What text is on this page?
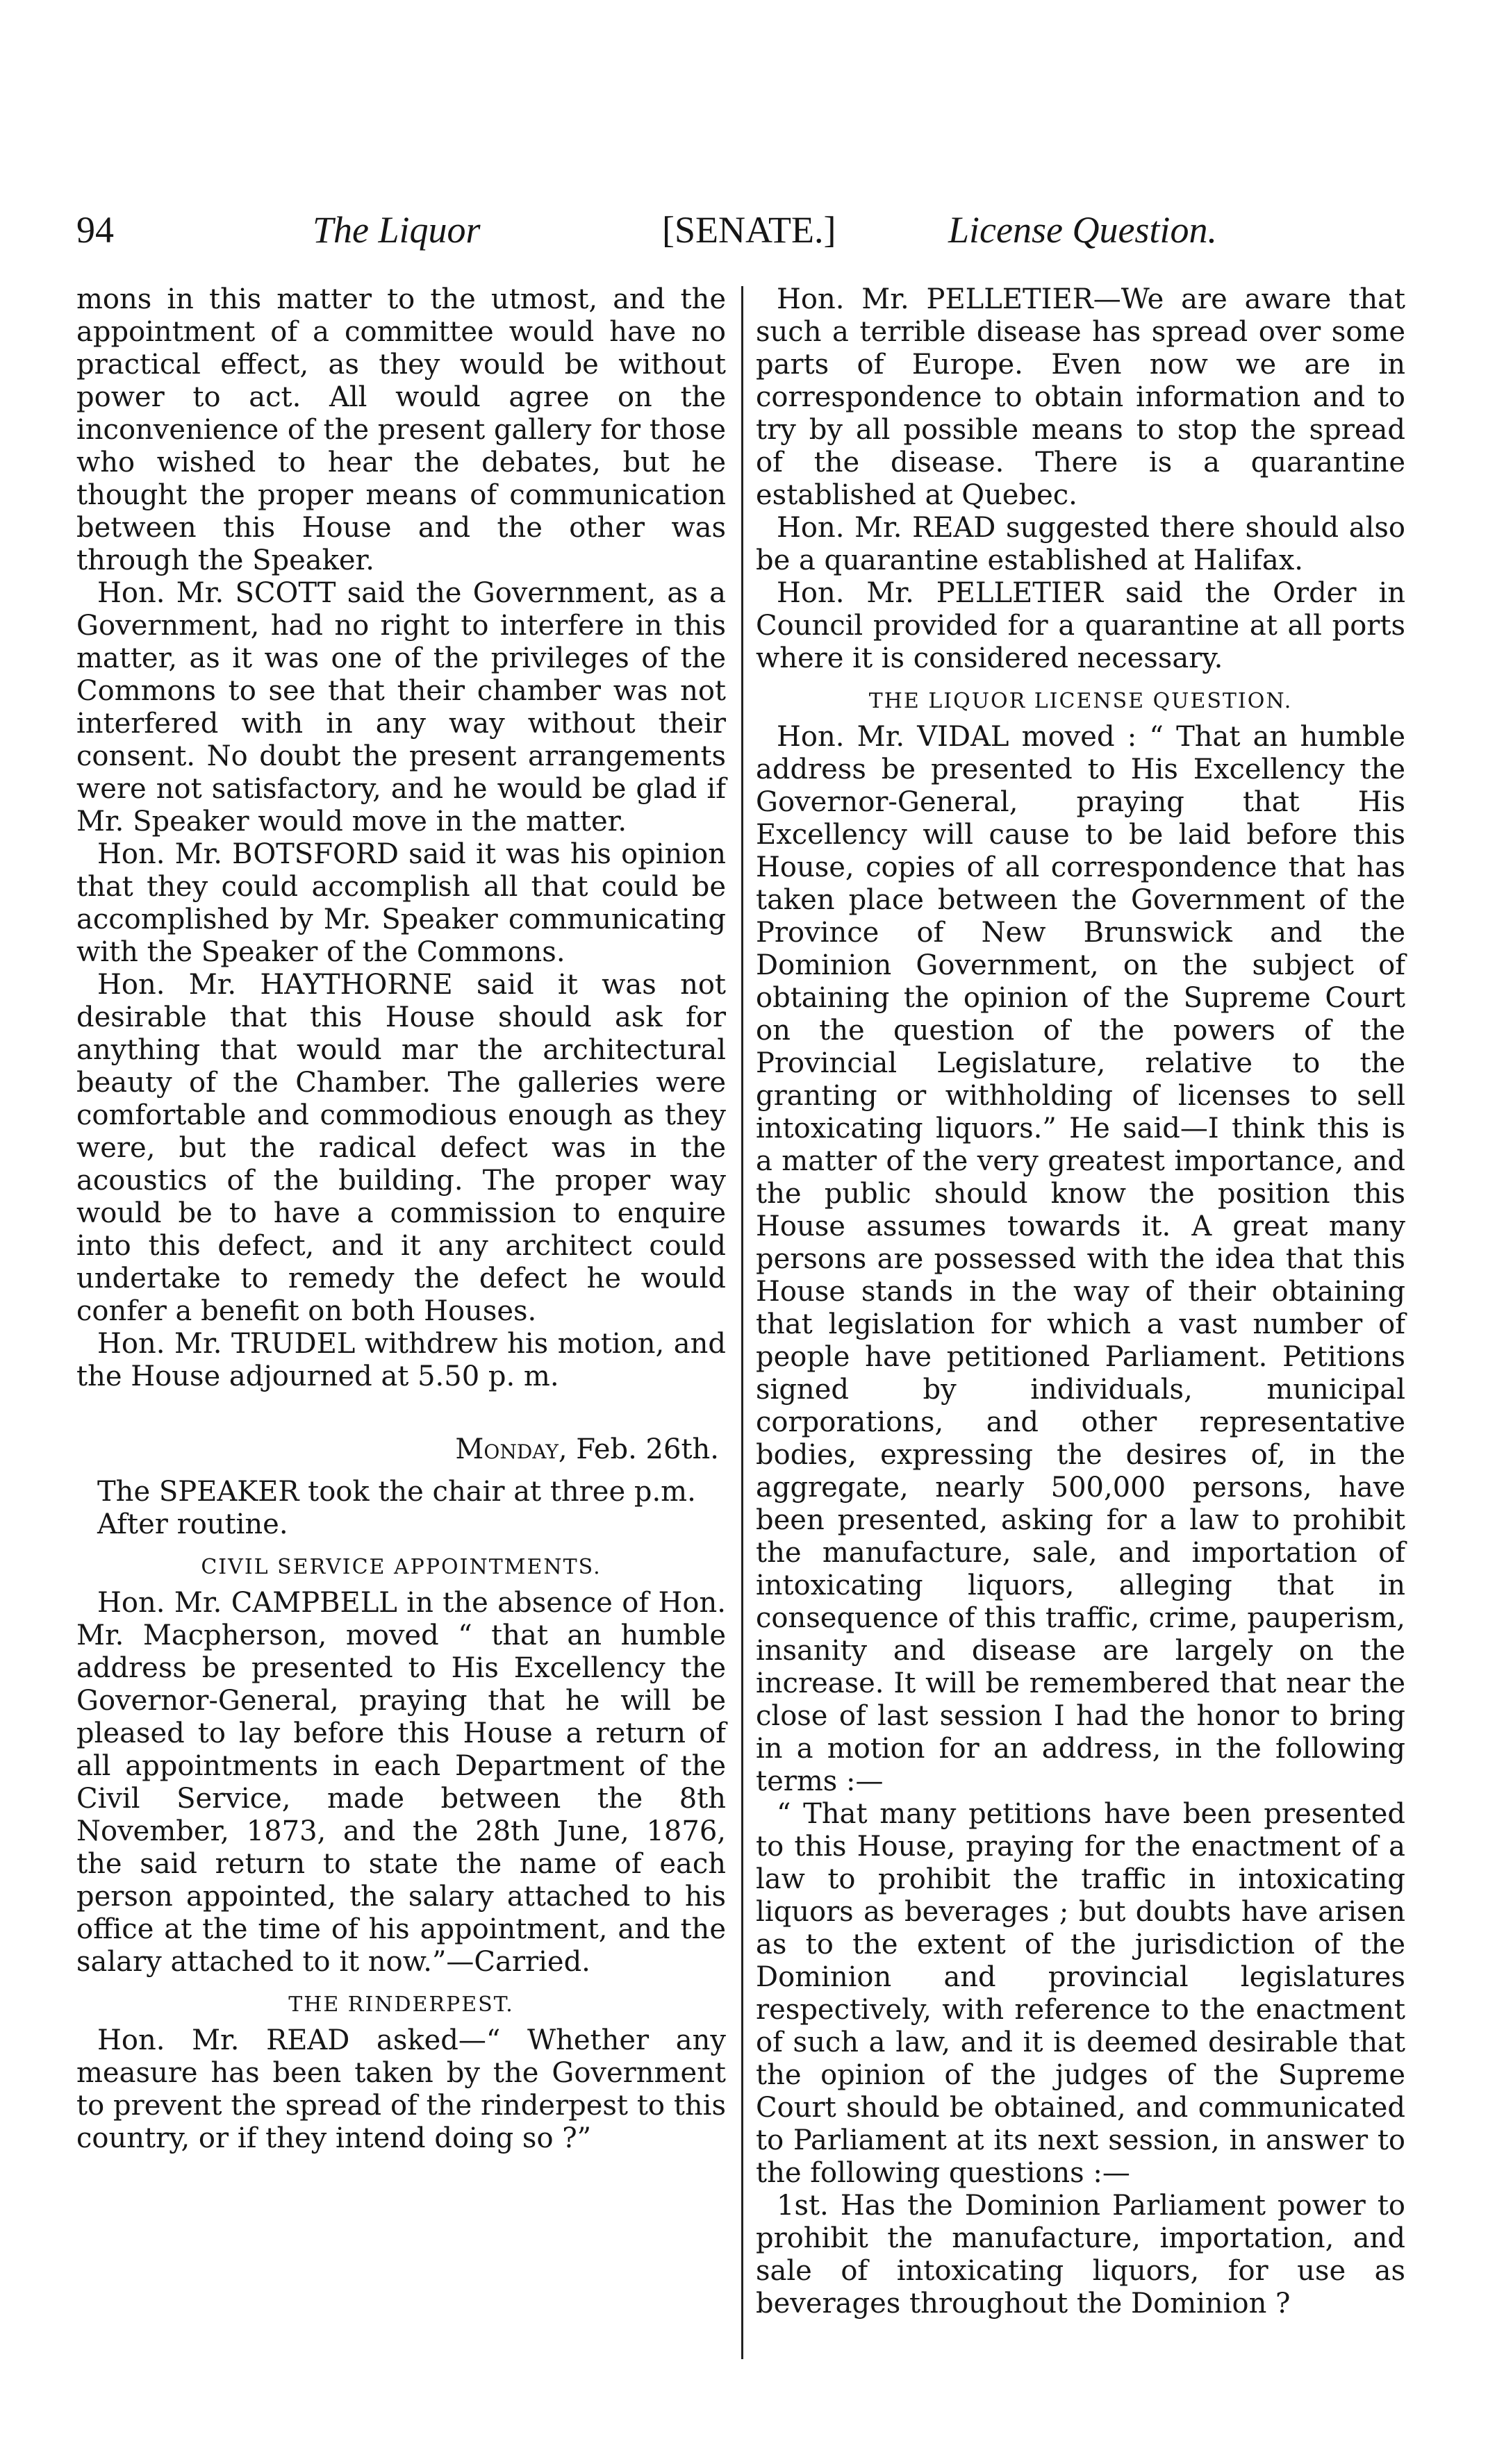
94	The Liquor	[SENATE.]	License Question.

mons in this matter to the utmost, and the appointment of a committee would have no practical effect, as they would be without power to act. All would agree on the inconvenience of the present gallery for those who wished to hear the debates, but he thought the proper means of communication between this House and the other was through the Speaker.

Hon. Mr. SCOTT said the Government, as a Government, had no right to interfere in this matter, as it was one of the privileges of the Commons to see that their chamber was not interfered with in any way without their consent. No doubt the present arrangements were not satisfactory, and he would be glad if Mr. Speaker would move in the matter.

Hon. Mr. BOTSFORD said it was his opinion that they could accomplish all that could be accomplished by Mr. Speaker communicating with the Speaker of the Commons.

Hon. Mr. HAYTHORNE said it was not desirable that this House should ask for anything that would mar the architectural beauty of the Chamber. The galleries were comfortable and commodious enough as they were, but the radical defect was in the acoustics of the building. The proper way would be to have a commission to enquire into this defect, and it any architect could undertake to remedy the defect he would confer a benefit on both Houses.

Hon. Mr. TRUDEL withdrew his motion, and the House adjourned at 5.50 p. m.

Monday, Feb. 26th.

The SPEAKER took the chair at three p.m.

After routine.

CIVIL SERVICE APPOINTMENTS.

Hon. Mr. CAMPBELL in the absence of Hon. Mr. Macpherson, moved “ that an humble address be presented to His Excellency the Governor-General, praying that he will be pleased to lay before this House a return of all appointments in each Department of the Civil Service, made between the 8th November, 1873, and the 28th June, 1876, the said return to state the name of each person appointed, the salary attached to his office at the time of his appointment, and the salary attached to it now.”—Carried.

THE RINDERPEST.

Hon. Mr. READ asked—“ Whether any measure has been taken by the Government to prevent the spread of the rinderpest to this country, or if they intend doing so ?”

Hon. Mr. PELLETIER—We are aware that such a terrible disease has spread over some parts of Europe. Even now we are in correspondence to obtain information and to try by all possible means to stop the spread of the disease. There is a quarantine established at Quebec.

Hon. Mr. READ suggested there should also be a quarantine established at Halifax.

Hon. Mr. PELLETIER said the Order in Council provided for a quarantine at all ports where it is considered necessary.

THE LIQUOR LICENSE QUESTION.

Hon. Mr. VIDAL moved : “ That an humble address be presented to His Excellency the Governor-General, praying that His Excellency will cause to be laid before this House, copies of all correspondence that has taken place between the Government of the Province of New Brunswick and the Dominion Government, on the subject of obtaining the opinion of the Supreme Court on the question of the powers of the Provincial Legislature, relative to the granting or withholding of licenses to sell intoxicating liquors.” He said—I think this is a matter of the very greatest importance, and the public should know the position this House assumes towards it. A great many persons are possessed with the idea that this House stands in the way of their obtaining that legislation for which a vast number of people have petitioned Parliament. Petitions signed by individuals, municipal corporations, and other representative bodies, expressing the desires of, in the aggregate, nearly 500,000 persons, have been presented, asking for a law to prohibit the manufacture, sale, and importation of intoxicating liquors, alleging that in consequence of this traffic, crime, pauperism, insanity and disease are largely on the increase. It will be remembered that near the close of last session I had the honor to bring in a motion for an address, in the following terms :—

“ That many petitions have been presented to this House, praying for the enactment of a law to prohibit the traffic in intoxicating liquors as beverages ; but doubts have arisen as to the extent of the jurisdiction of the Dominion and provincial legislatures respectively, with reference to the enactment of such a law, and it is deemed desirable that the opinion of the judges of the Supreme Court should be obtained, and communicated to Parliament at its next session, in answer to the following questions :—

1st. Has the Dominion Parliament power to prohibit the manufacture, importation, and sale of intoxicating liquors, for use as beverages throughout the Dominion ?
